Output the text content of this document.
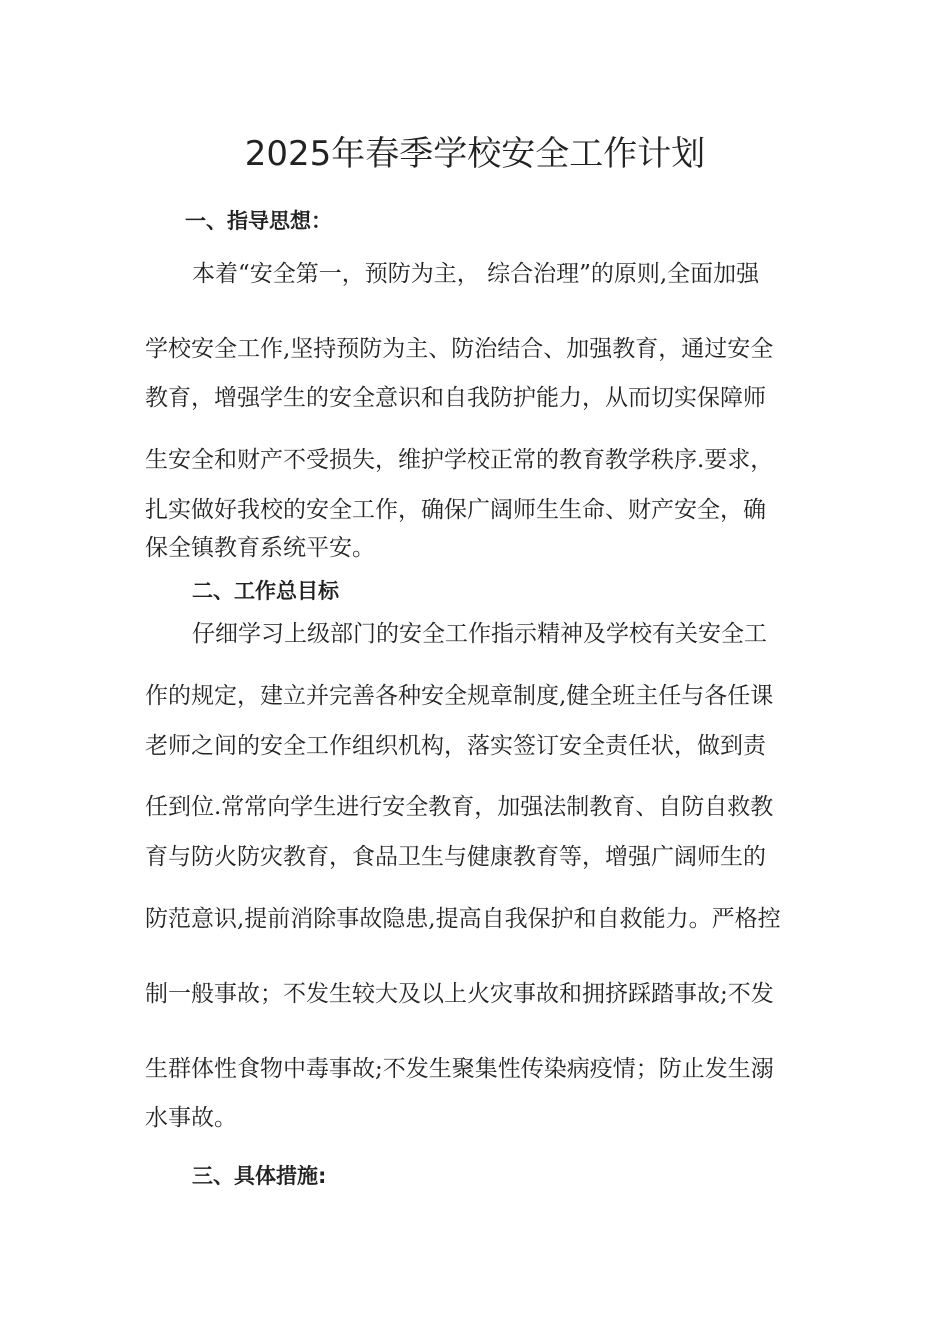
2025年春季学校安全工作计划
一、指导思想：
本着“安全第一，预防为主， 综合治理”的原则,全面加强
学校安全工作,坚持预防为主、防治结合、加强教育，通过安全
教育，增强学生的安全意识和自我防护能力，从而切实保障师
生安全和财产不受损失，维护学校正常的教育教学秩序.要求，
扎实做好我校的安全工作，确保广阔师生生命、财产安全，确
保全镇教育系统平安。
二、工作总目标
仔细学习上级部门的安全工作指示精神及学校有关安全工
作的规定，建立并完善各种安全规章制度,健全班主任与各任课
老师之间的安全工作组织机构，落实签订安全责任状，做到责
任到位.常常向学生进行安全教育，加强法制教育、自防自救教
育与防火防灾教育，食品卫生与健康教育等，增强广阔师生的
防范意识,提前消除事故隐患,提高自我保护和自救能力。严格控
制一般事故；不发生较大及以上火灾事故和拥挤踩踏事故;不发
生群体性食物中毒事故;不发生聚集性传染病疫情；防止发生溺
水事故。
三、具体措施:
